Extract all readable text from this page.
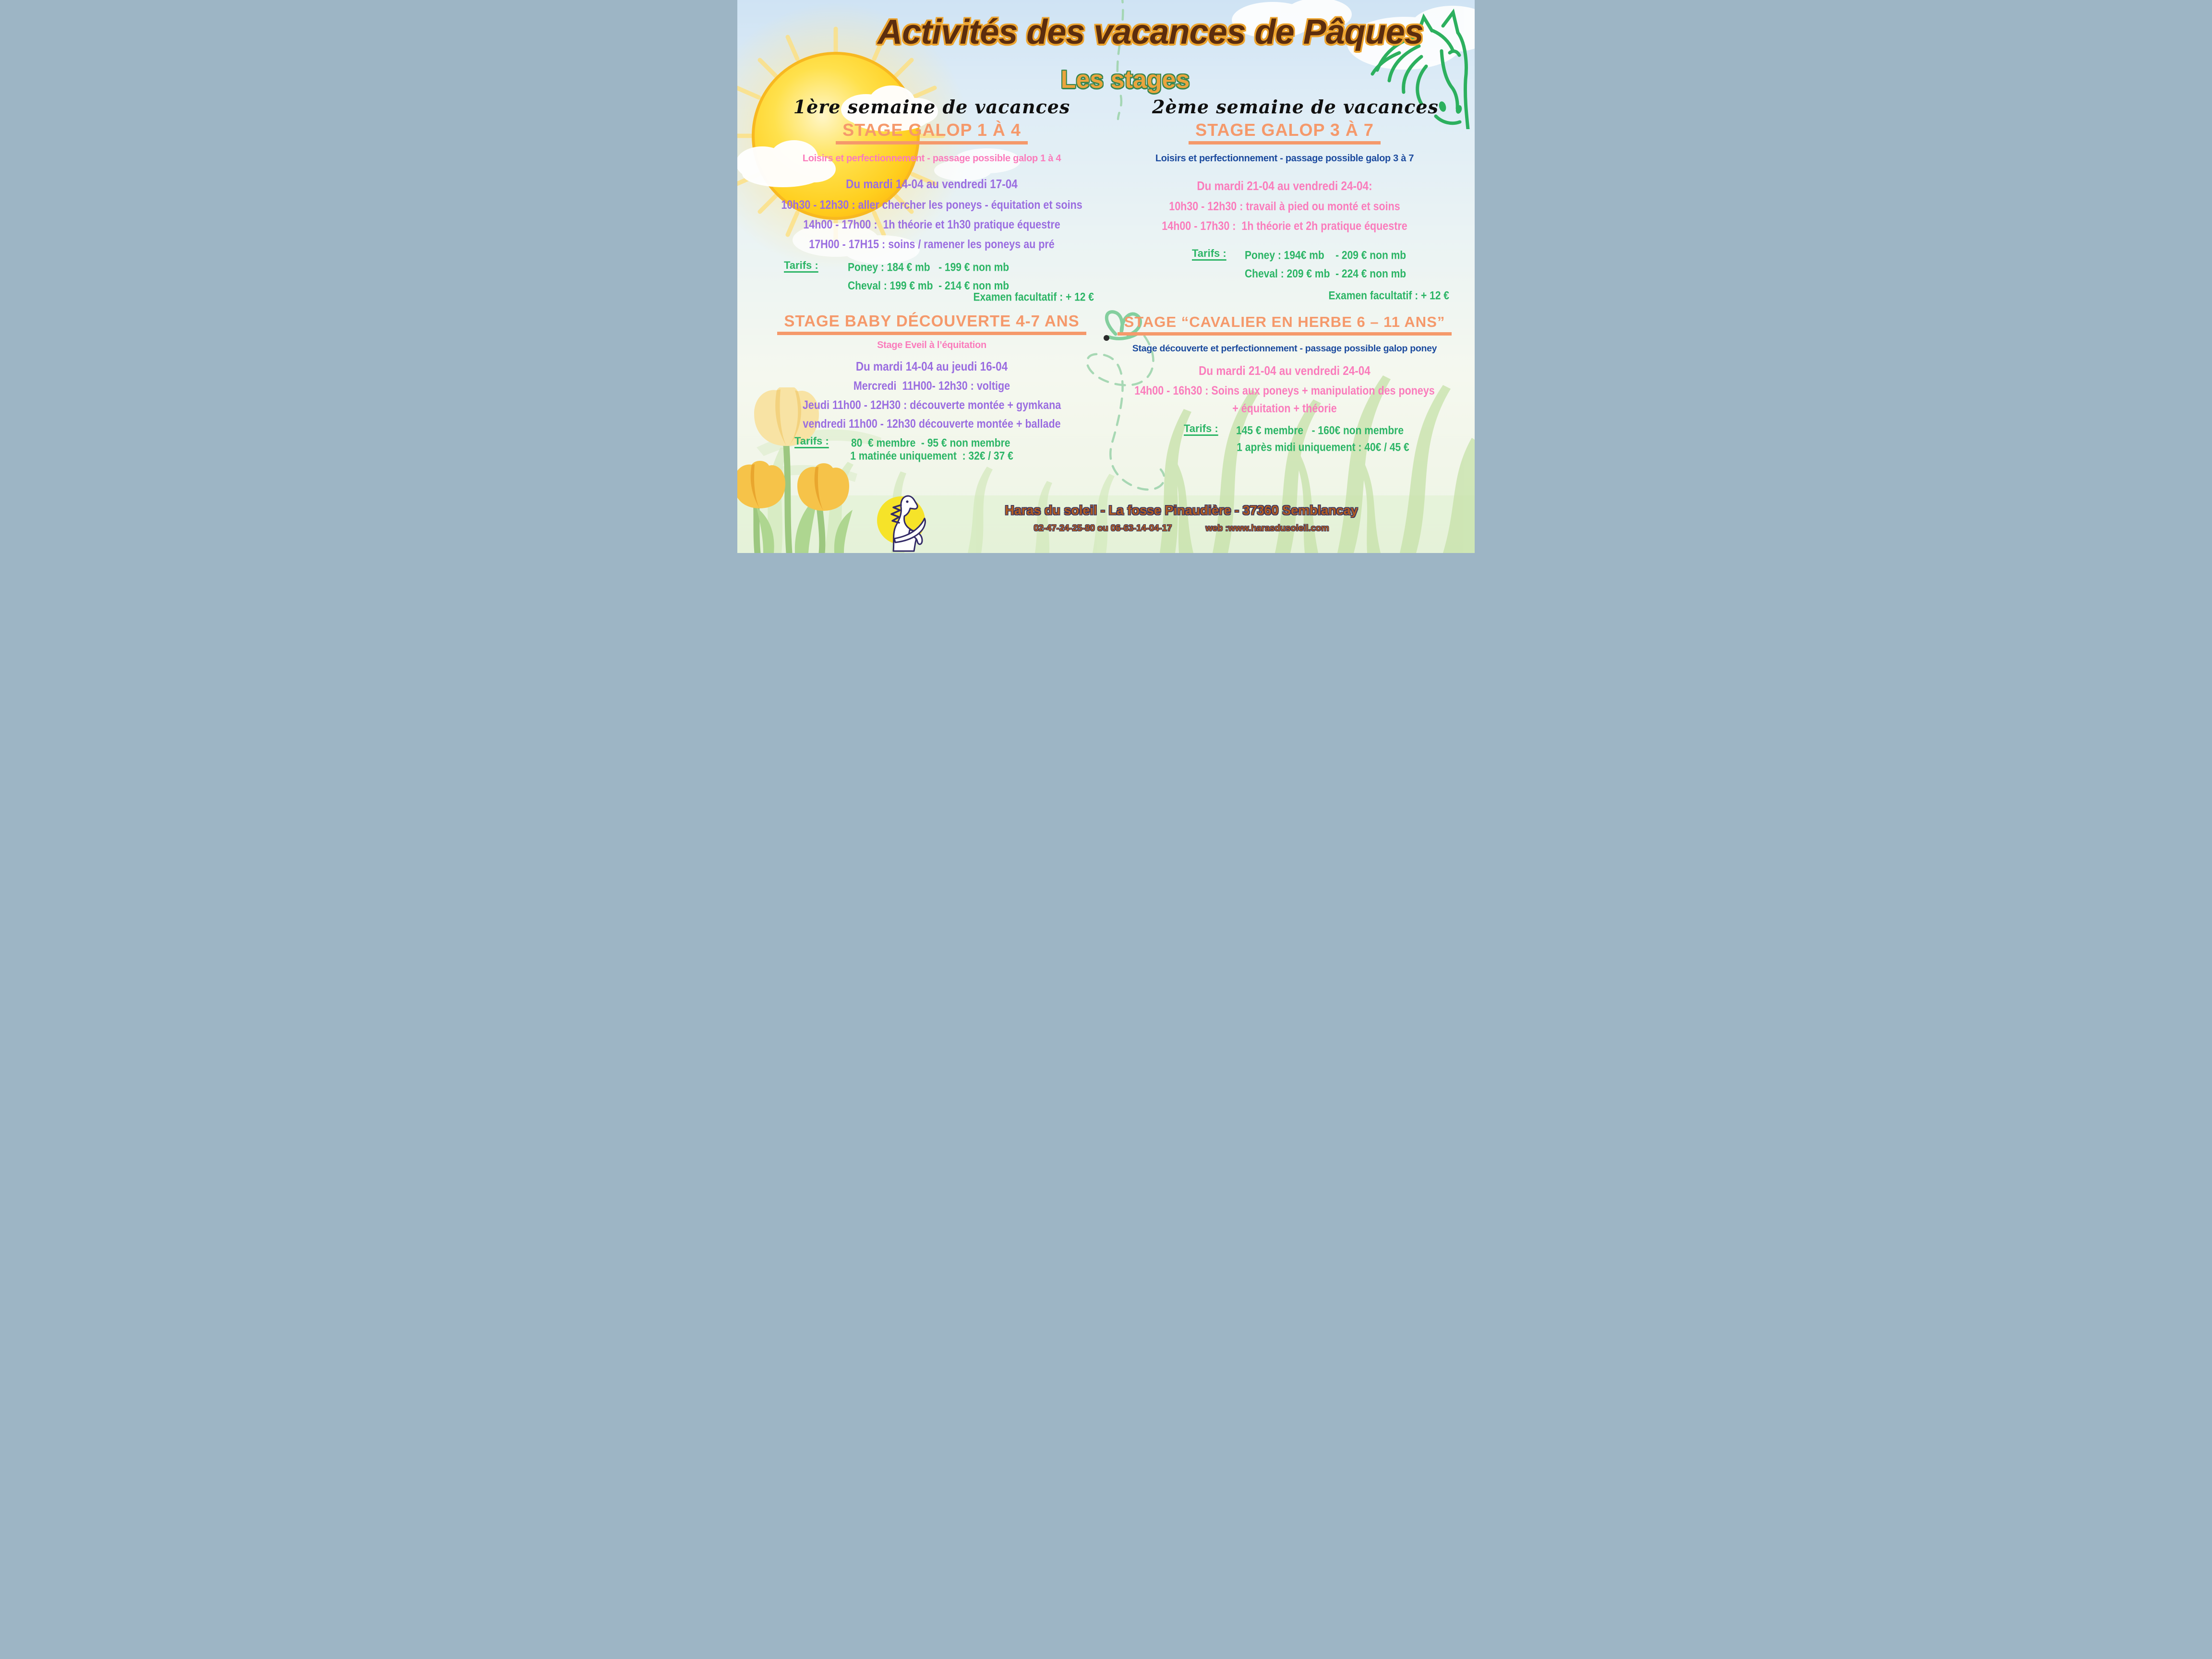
Activités des vacances de Pâques
Les stages
1ère semaine de vacances
STAGE GALOP 1 À 4
Loisirs et perfectionnement - passage possible galop 1 à 4
Du mardi 14-04 au vendredi 17-04
10h30 - 12h30 : aller chercher les poneys - équitation et soins
14h00 - 17h00 :  1h théorie et 1h30 pratique équestre
17H00 - 17H15 : soins / ramener les poneys au pré
Tarifs :	Poney : 184 € mb   - 199 € non mb
Cheval : 199 € mb  - 214 € non mb
Examen facultatif : + 12 €
STAGE BABY DÉCOUVERTE 4-7 ANS
Stage Eveil à l’équitation
Du mardi 14-04 au jeudi 16-04
Mercredi  11H00- 12h30 : voltige
Jeudi 11h00 - 12H30 : découverte montée + gymkana
vendredi 11h00 - 12h30 découverte montée + ballade
Tarifs : 80  € membre  - 95 € non membre
1 matinée uniquement  : 32€ / 37 €
2ème semaine de vacances
STAGE GALOP 3 À 7
Loisirs et perfectionnement - passage possible galop 3 à 7
Du mardi 21-04 au vendredi 24-04:
10h30 - 12h30 : travail à pied ou monté et soins
14h00 - 17h30 :  1h théorie et 2h pratique équestre
Tarifs : Poney : 194€ mb    - 209 € non mb
Cheval : 209 € mb  - 224 € non mb
Examen facultatif : + 12 €
STAGE “CAVALIER EN HERBE 6 – 11 ANS”
Stage découverte et perfectionnement - passage possible galop poney
Du mardi 21-04 au vendredi 24-04
14h00 - 16h30 : Soins aux poneys + manipulation des poneys
+ équitation + théorie
Tarifs : 145 € membre   - 160€ non membre
1 après midi uniquement : 40€ / 45 €
Haras du soleil - La fosse Pinaudière - 37360 Semblancay
02-47-24-25-80 ou 06-63-14-04-17	web :www.harasdusoleil.com
